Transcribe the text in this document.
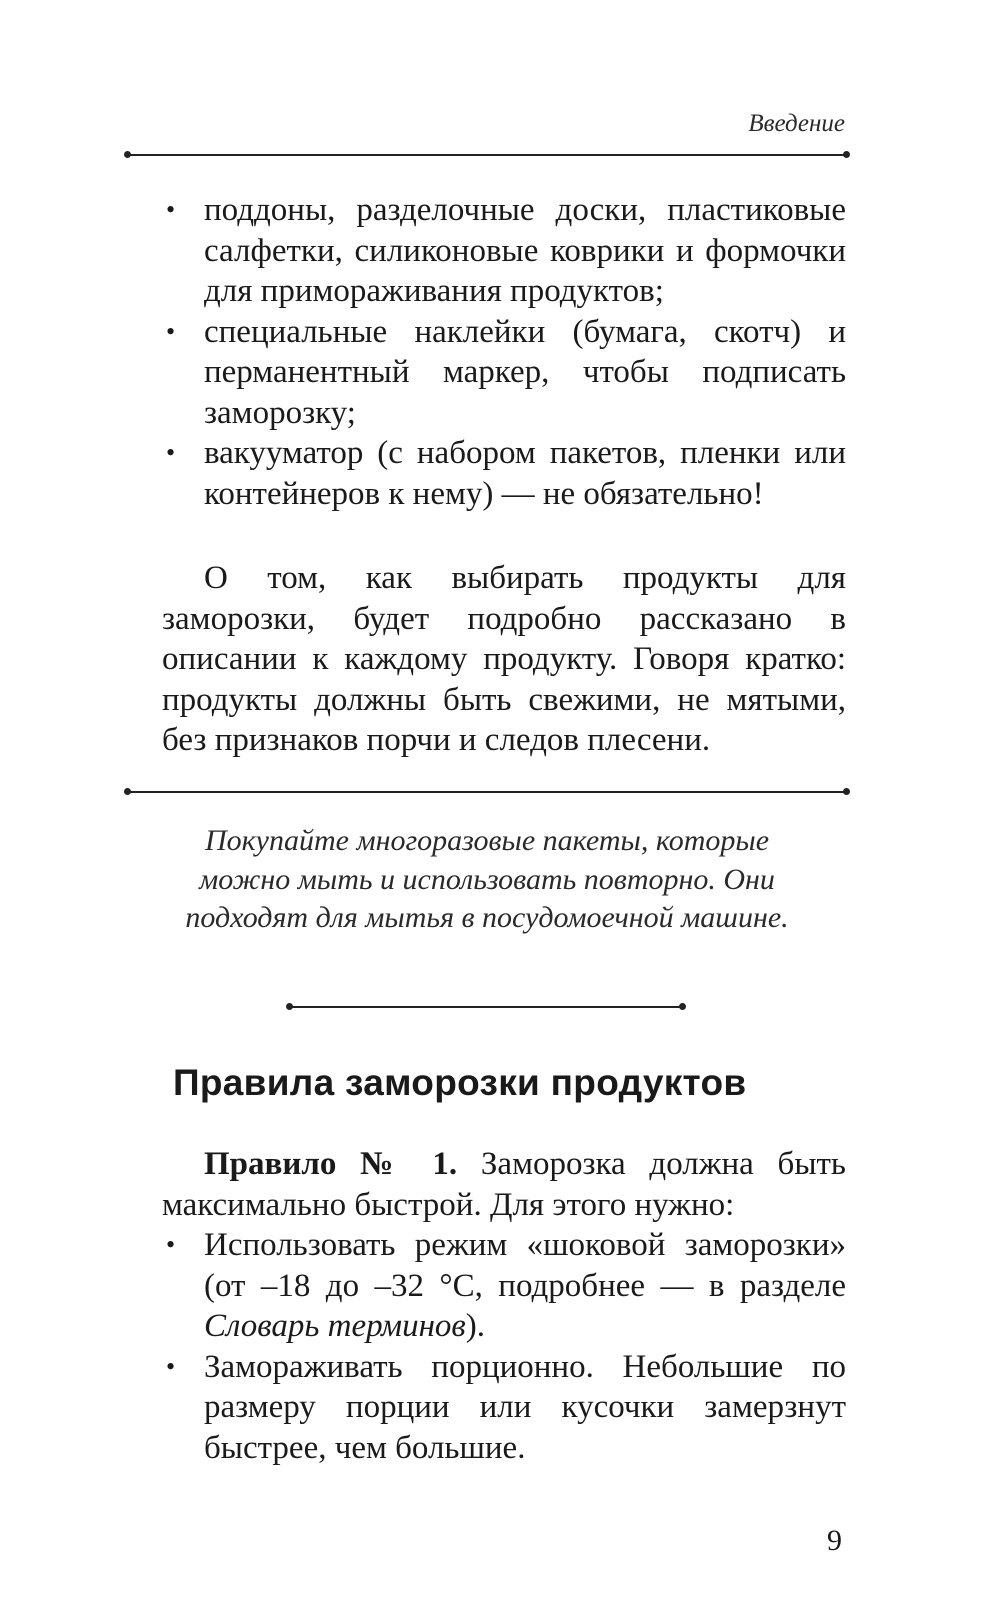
Введение
• поддоны, разделочные доски, пластиковые салфетки, силиконовые коврики и формочки для примораживания продуктов;
• специальные наклейки (бумага, скотч) и перманентный маркер, чтобы подписать заморозку;
• вакууматор (с набором пакетов, пленки или контейнеров к нему) — не обязательно!

О том, как выбирать продукты для заморозки, будет подробно рассказано в описании к каждому продукту. Говоря кратко: продукты должны быть свежими, не мятыми, без признаков порчи и следов плесени.

Покупайте многоразовые пакеты, которые можно мыть и использовать повторно. Они подходят для мытья в посудомоечной машине.

Правила заморозки продуктов

Правило № 1. Заморозка должна быть максимально быстрой. Для этого нужно:

• Использовать режим «шоковой заморозки» (от –18 до –32 °С, подробнее — в разделе Словарь терминов).
• Замораживать порционно. Небольшие по размеру порции или кусочки замерзнут быстрее, чем большие.
9
